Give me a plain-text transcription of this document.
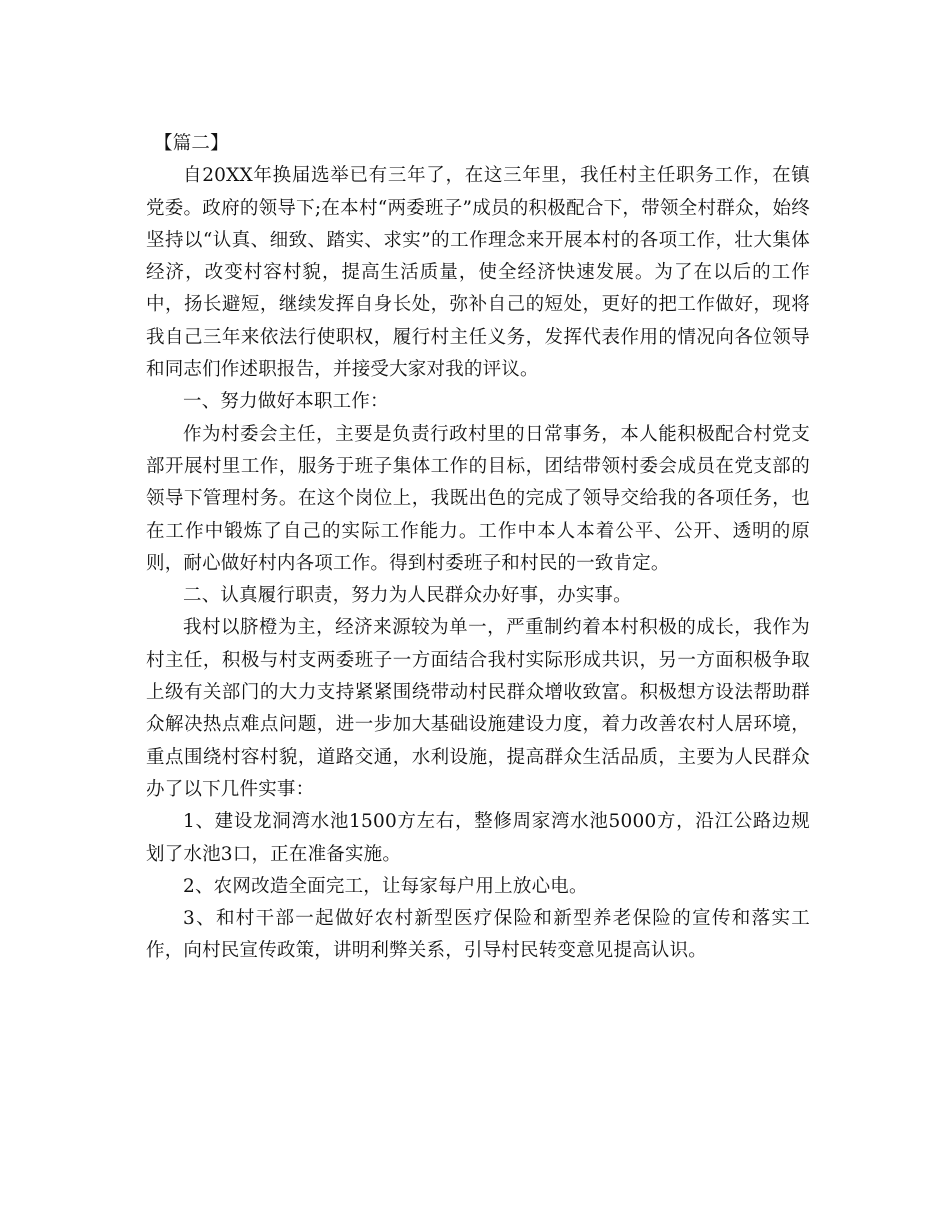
【篇二】

自20XX年换届选举已有三年了，在这三年里，我任村主任职务工作，在镇党委。政府的领导下;在本村“两委班子”成员的积极配合下，带领全村群众，始终坚持以“认真、细致、踏实、求实”的工作理念来开展本村的各项工作，壮大集体经济，改变村容村貌，提高生活质量，使全经济快速发展。为了在以后的工作中，扬长避短，继续发挥自身长处，弥补自己的短处，更好的把工作做好，现将我自己三年来依法行使职权，履行村主任义务，发挥代表作用的情况向各位领导和同志们作述职报告，并接受大家对我的评议。

一、努力做好本职工作：

作为村委会主任，主要是负责行政村里的日常事务，本人能积极配合村党支部开展村里工作，服务于班子集体工作的目标，团结带领村委会成员在党支部的领导下管理村务。在这个岗位上，我既出色的完成了领导交给我的各项任务，也在工作中锻炼了自己的实际工作能力。工作中本人本着公平、公开、透明的原则，耐心做好村内各项工作。得到村委班子和村民的一致肯定。

二、认真履行职责，努力为人民群众办好事，办实事。

我村以脐橙为主，经济来源较为单一，严重制约着本村积极的成长，我作为村主任，积极与村支两委班子一方面结合我村实际形成共识，另一方面积极争取上级有关部门的大力支持紧紧围绕带动村民群众增收致富。积极想方设法帮助群众解决热点难点问题，进一步加大基础设施建设力度，着力改善农村人居环境，重点围绕村容村貌，道路交通，水利设施，提高群众生活品质，主要为人民群众办了以下几件实事：

1、建设龙洞湾水池1500方左右，整修周家湾水池5000方，沿江公路边规划了水池3口，正在准备实施。

2、农网改造全面完工，让每家每户用上放心电。

3、和村干部一起做好农村新型医疗保险和新型养老保险的宣传和落实工作，向村民宣传政策，讲明利弊关系，引导村民转变意见提高认识。
